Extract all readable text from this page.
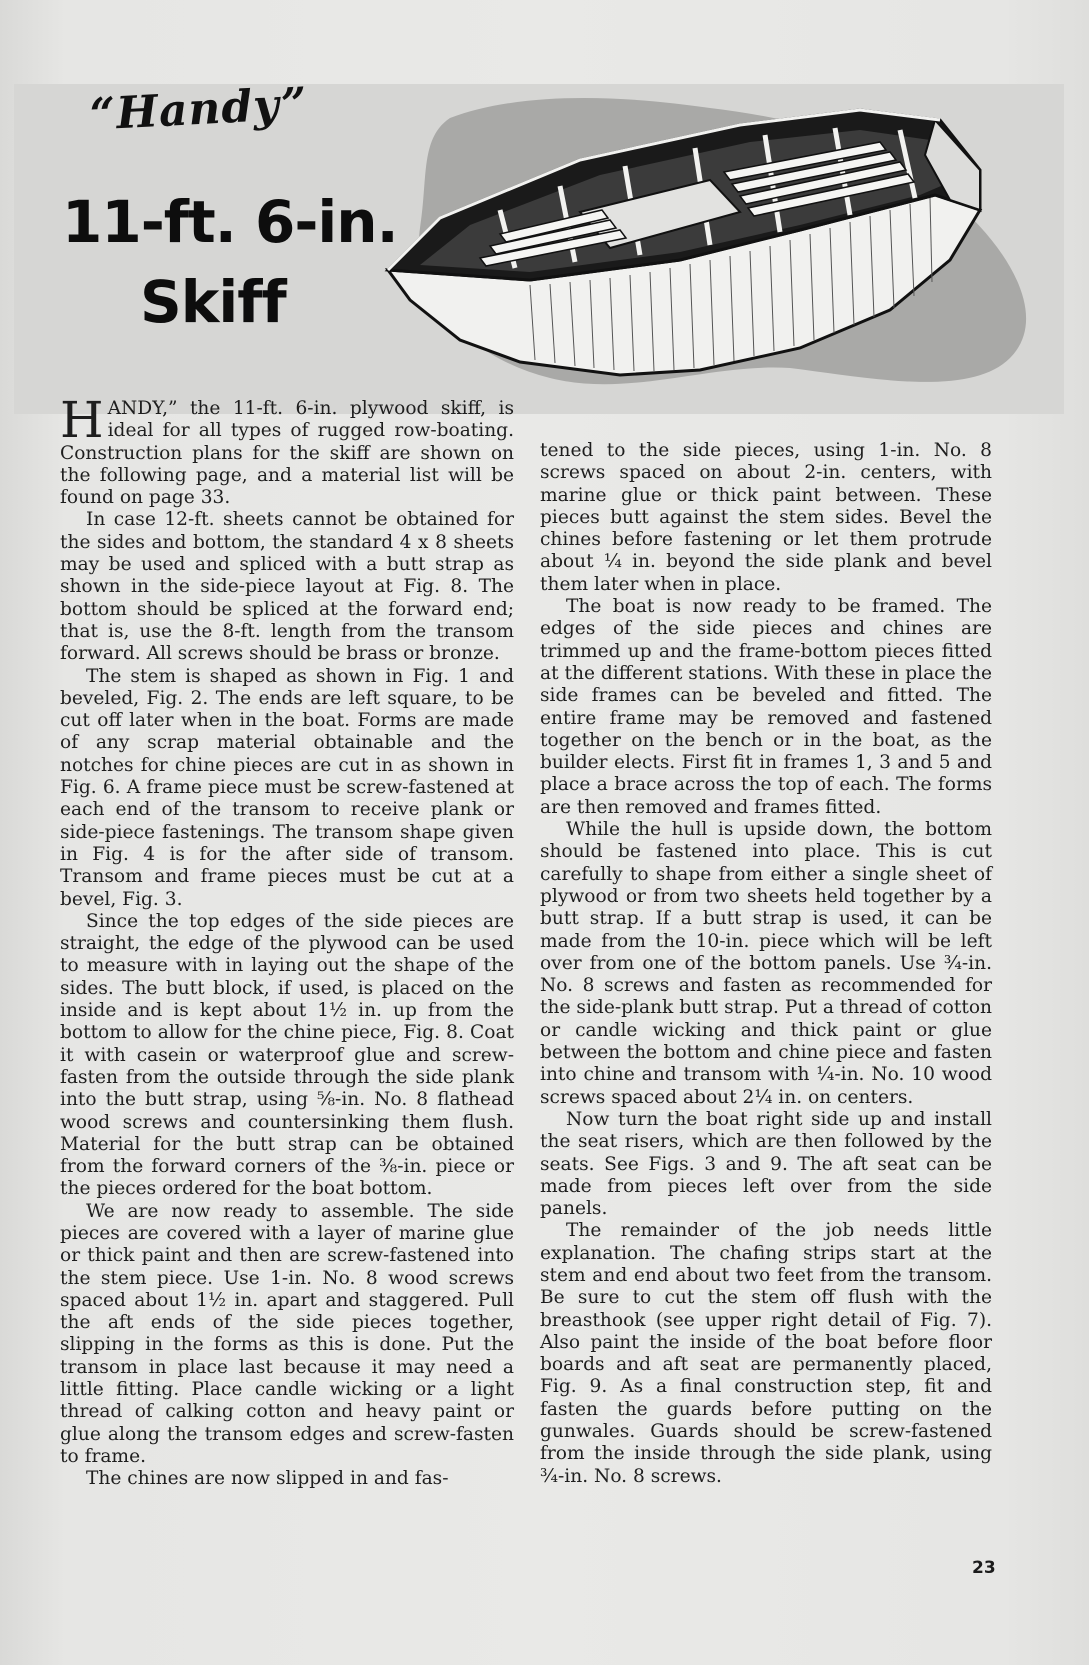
“Handy”
11-ft. 6-in.
Skiff

HANDY,” the 11-ft. 6-in. plywood skiff, is ideal for all types of rugged row-boating. Construction plans for the skiff are shown on the following page, and a material list will be found on page 33.

In case 12-ft. sheets cannot be obtained for the sides and bottom, the standard 4 x 8 sheets may be used and spliced with a butt strap as shown in the side-piece layout at Fig. 8. The bottom should be spliced at the forward end; that is, use the 8-ft. length from the transom forward. All screws should be brass or bronze.

The stem is shaped as shown in Fig. 1 and beveled, Fig. 2. The ends are left square, to be cut off later when in the boat. Forms are made of any scrap material obtainable and the notches for chine pieces are cut in as shown in Fig. 6. A frame piece must be screw-fastened at each end of the transom to receive plank or side-piece fastenings. The transom shape given in Fig. 4 is for the after side of transom. Transom and frame pieces must be cut at a bevel, Fig. 3.

Since the top edges of the side pieces are straight, the edge of the plywood can be used to measure with in laying out the shape of the sides. The butt block, if used, is placed on the inside and is kept about 1½ in. up from the bottom to allow for the chine piece, Fig. 8. Coat it with casein or waterproof glue and screw-fasten from the outside through the side plank into the butt strap, using ⅝-in. No. 8 flathead wood screws and countersinking them flush. Material for the butt strap can be obtained from the forward corners of the ⅜-in. piece or the pieces ordered for the boat bottom.

We are now ready to assemble. The side pieces are covered with a layer of marine glue or thick paint and then are screw-fastened into the stem piece. Use 1-in. No. 8 wood screws spaced about 1½ in. apart and staggered. Pull the aft ends of the side pieces together, slipping in the forms as this is done. Put the transom in place last because it may need a little fitting. Place candle wicking or a light thread of calking cotton and heavy paint or glue along the transom edges and screw-fasten to frame.

The chines are now slipped in and fas-

tened to the side pieces, using 1-in. No. 8 screws spaced on about 2-in. centers, with marine glue or thick paint between. These pieces butt against the stem sides. Bevel the chines before fastening or let them protrude about ¼ in. beyond the side plank and bevel them later when in place.

The boat is now ready to be framed. The edges of the side pieces and chines are trimmed up and the frame-bottom pieces fitted at the different stations. With these in place the side frames can be beveled and fitted. The entire frame may be removed and fastened together on the bench or in the boat, as the builder elects. First fit in frames 1, 3 and 5 and place a brace across the top of each. The forms are then removed and frames fitted.

While the hull is upside down, the bottom should be fastened into place. This is cut carefully to shape from either a single sheet of plywood or from two sheets held together by a butt strap. If a butt strap is used, it can be made from the 10-in. piece which will be left over from one of the bottom panels. Use ¾-in. No. 8 screws and fasten as recommended for the side-plank butt strap. Put a thread of cotton or candle wicking and thick paint or glue between the bottom and chine piece and fasten into chine and transom with ¼-in. No. 10 wood screws spaced about 2¼ in. on centers.

Now turn the boat right side up and install the seat risers, which are then followed by the seats. See Figs. 3 and 9. The aft seat can be made from pieces left over from the side panels.

The remainder of the job needs little explanation. The chafing strips start at the stem and end about two feet from the transom. Be sure to cut the stem off flush with the breasthook (see upper right detail of Fig. 7). Also paint the inside of the boat before floor boards and aft seat are permanently placed, Fig. 9. As a final construction step, fit and fasten the guards before putting on the gunwales. Guards should be screw-fastened from the inside through the side plank, using ¾-in. No. 8 screws.

23
